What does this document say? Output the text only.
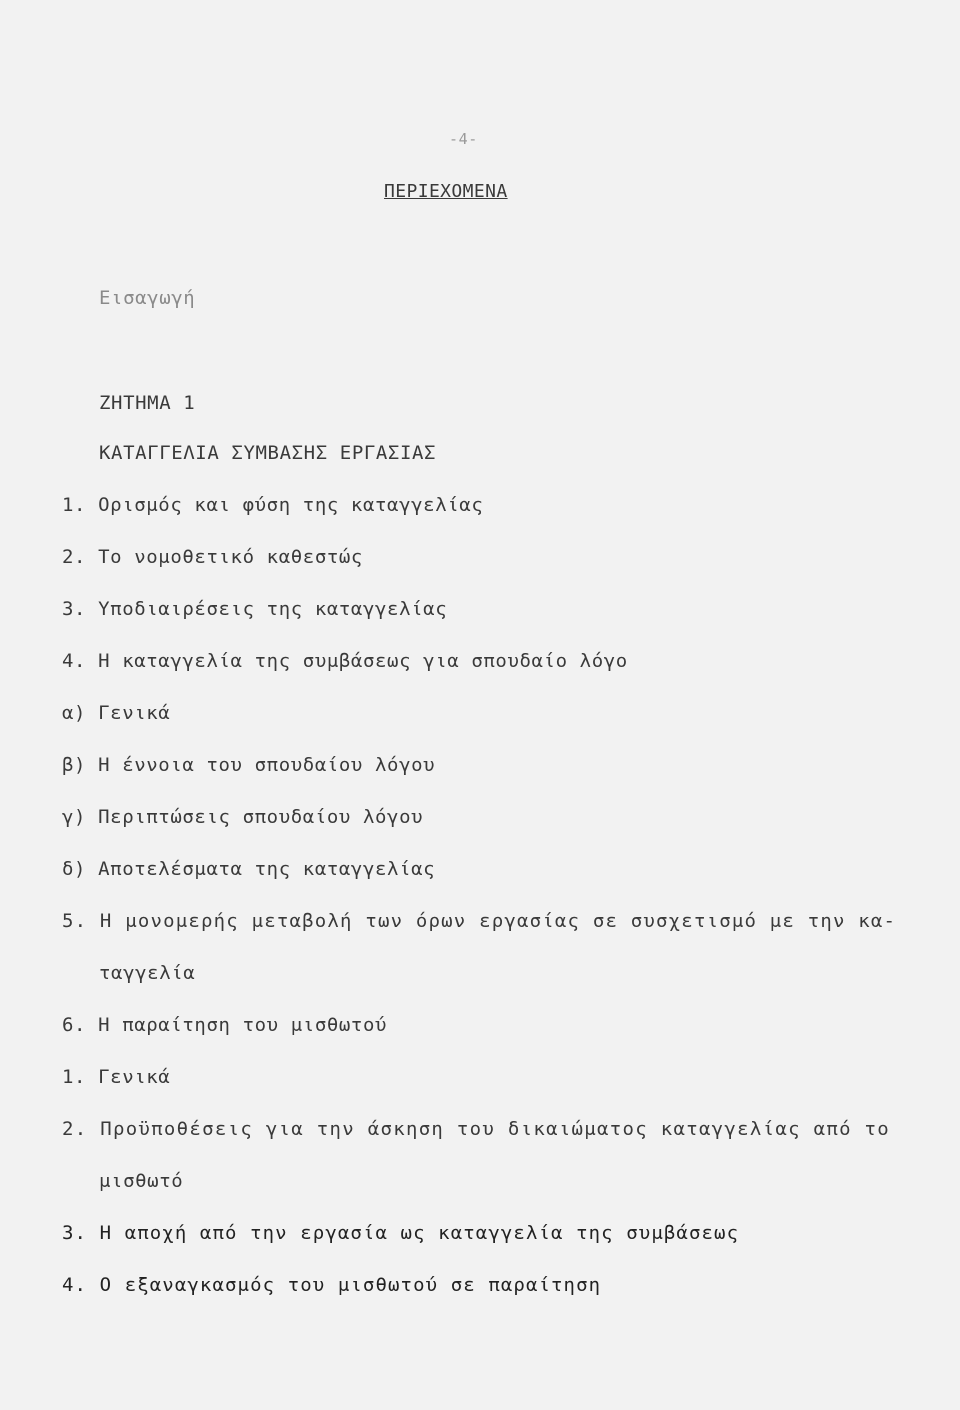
-4-
ΠΕΡΙΕΧΟΜΕΝΑ
Εισαγωγή
ΖΗΤΗΜΑ 1
ΚΑΤΑΓΓΕΛΙΑ ΣΥΜΒΑΣΗΣ ΕΡΓΑΣΙΑΣ
1. Ορισμός και φύση της καταγγελίας
2. Το νομοθετικό καθεστώς
3. Υποδιαιρέσεις της καταγγελίας
4. Η καταγγελία της συμβάσεως για σπουδαίο λόγο
α) Γενικά
β) Η έννοια του σπουδαίου λόγου
γ) Περιπτώσεις σπουδαίου λόγου
δ) Αποτελέσματα της καταγγελίας
5. Η μονομερής μεταβολή των όρων εργασίας σε συσχετισμό με την κα-
ταγγελία
6. Η παραίτηση του μισθωτού
1. Γενικά
2. Προϋποθέσεις για την άσκηση του δικαιώματος καταγγελίας από το
μισθωτό
3. Η αποχή από την εργασία ως καταγγελία της συμβάσεως
4. Ο εξαναγκασμός του μισθωτού σε παραίτηση
